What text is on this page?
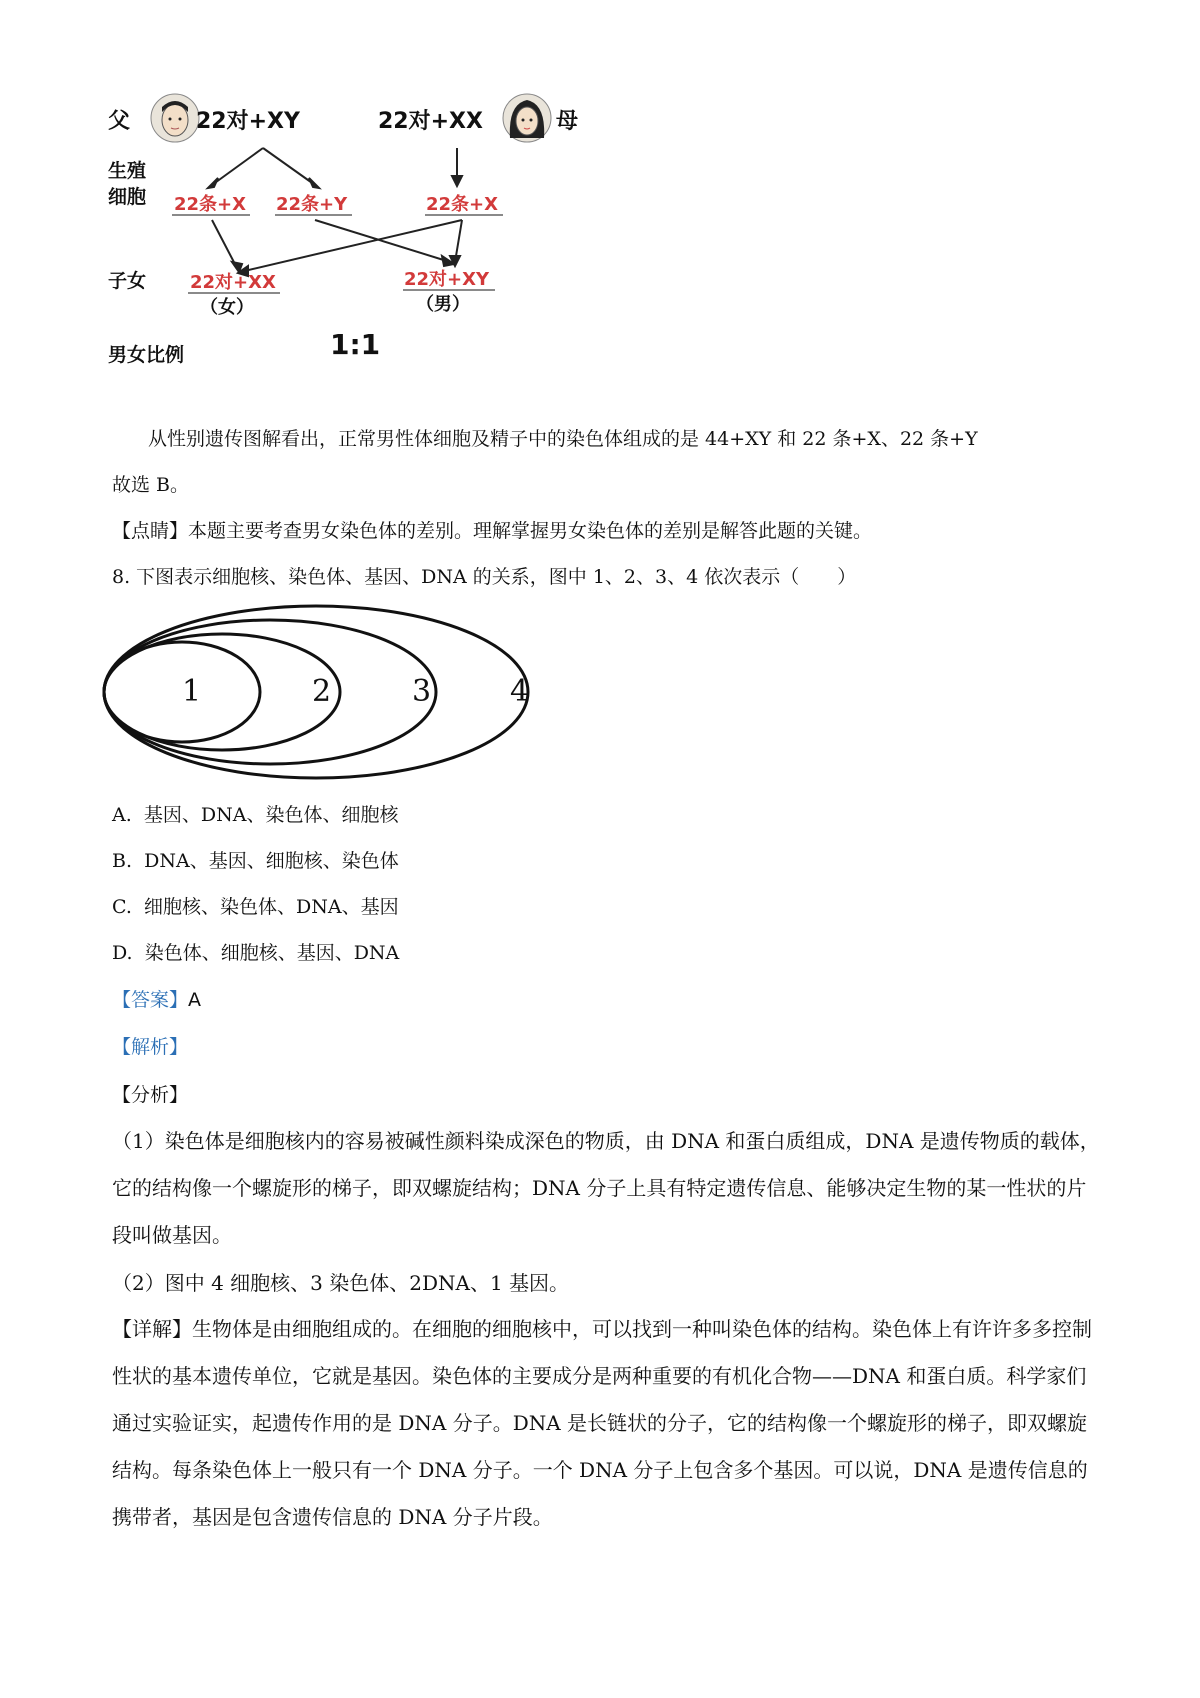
父	22对+XY	22对+XX	母
生殖
细胞 22条+X 22条+Y	22条+X
子女 22对+XX
（女）
22对+XY
（男）
男女比例	1:1
从性别遗传图解看出，正常男性体细胞及精子中的染色体组成的是 44+XY 和 22 条+X、22 条+Y
故选 B。
【点睛】本题主要考查男女染色体的差别。理解掌握男女染色体的差别是解答此题的关键。
8. 下图表示细胞核、染色体、基因、DNA 的关系，图中 1、2、3、4 依次表示（　　）
1	2	3	4
A. 基因、DNA、染色体、细胞核
B. DNA、基因、细胞核、染色体
C. 细胞核、染色体、DNA、基因
D. 染色体、细胞核、基因、DNA
【答案】A
【解析】
【分析】

（1）染色体是细胞核内的容易被碱性颜料染成深色的物质，由 DNA 和蛋白质组成，DNA 是遗传物质的载体，它的结构像一个螺旋形的梯子，即双螺旋结构；DNA 分子上具有特定遗传信息、能够决定生物的某一性状的片段叫做基因。

（2）图中 4 细胞核、3 染色体、2DNA、1 基因。

【详解】生物体是由细胞组成的。在细胞的细胞核中，可以找到一种叫染色体的结构。染色体上有许许多多控制性状的基本遗传单位，它就是基因。染色体的主要成分是两种重要的有机化合物——DNA 和蛋白质。科学家们通过实验证实，起遗传作用的是 DNA 分子。DNA 是长链状的分子，它的结构像一个螺旋形的梯子，即双螺旋结构。每条染色体上一般只有一个 DNA 分子。一个 DNA 分子上包含多个基因。可以说，DNA 是遗传信息的携带者，基因是包含遗传信息的 DNA 分子片段。
